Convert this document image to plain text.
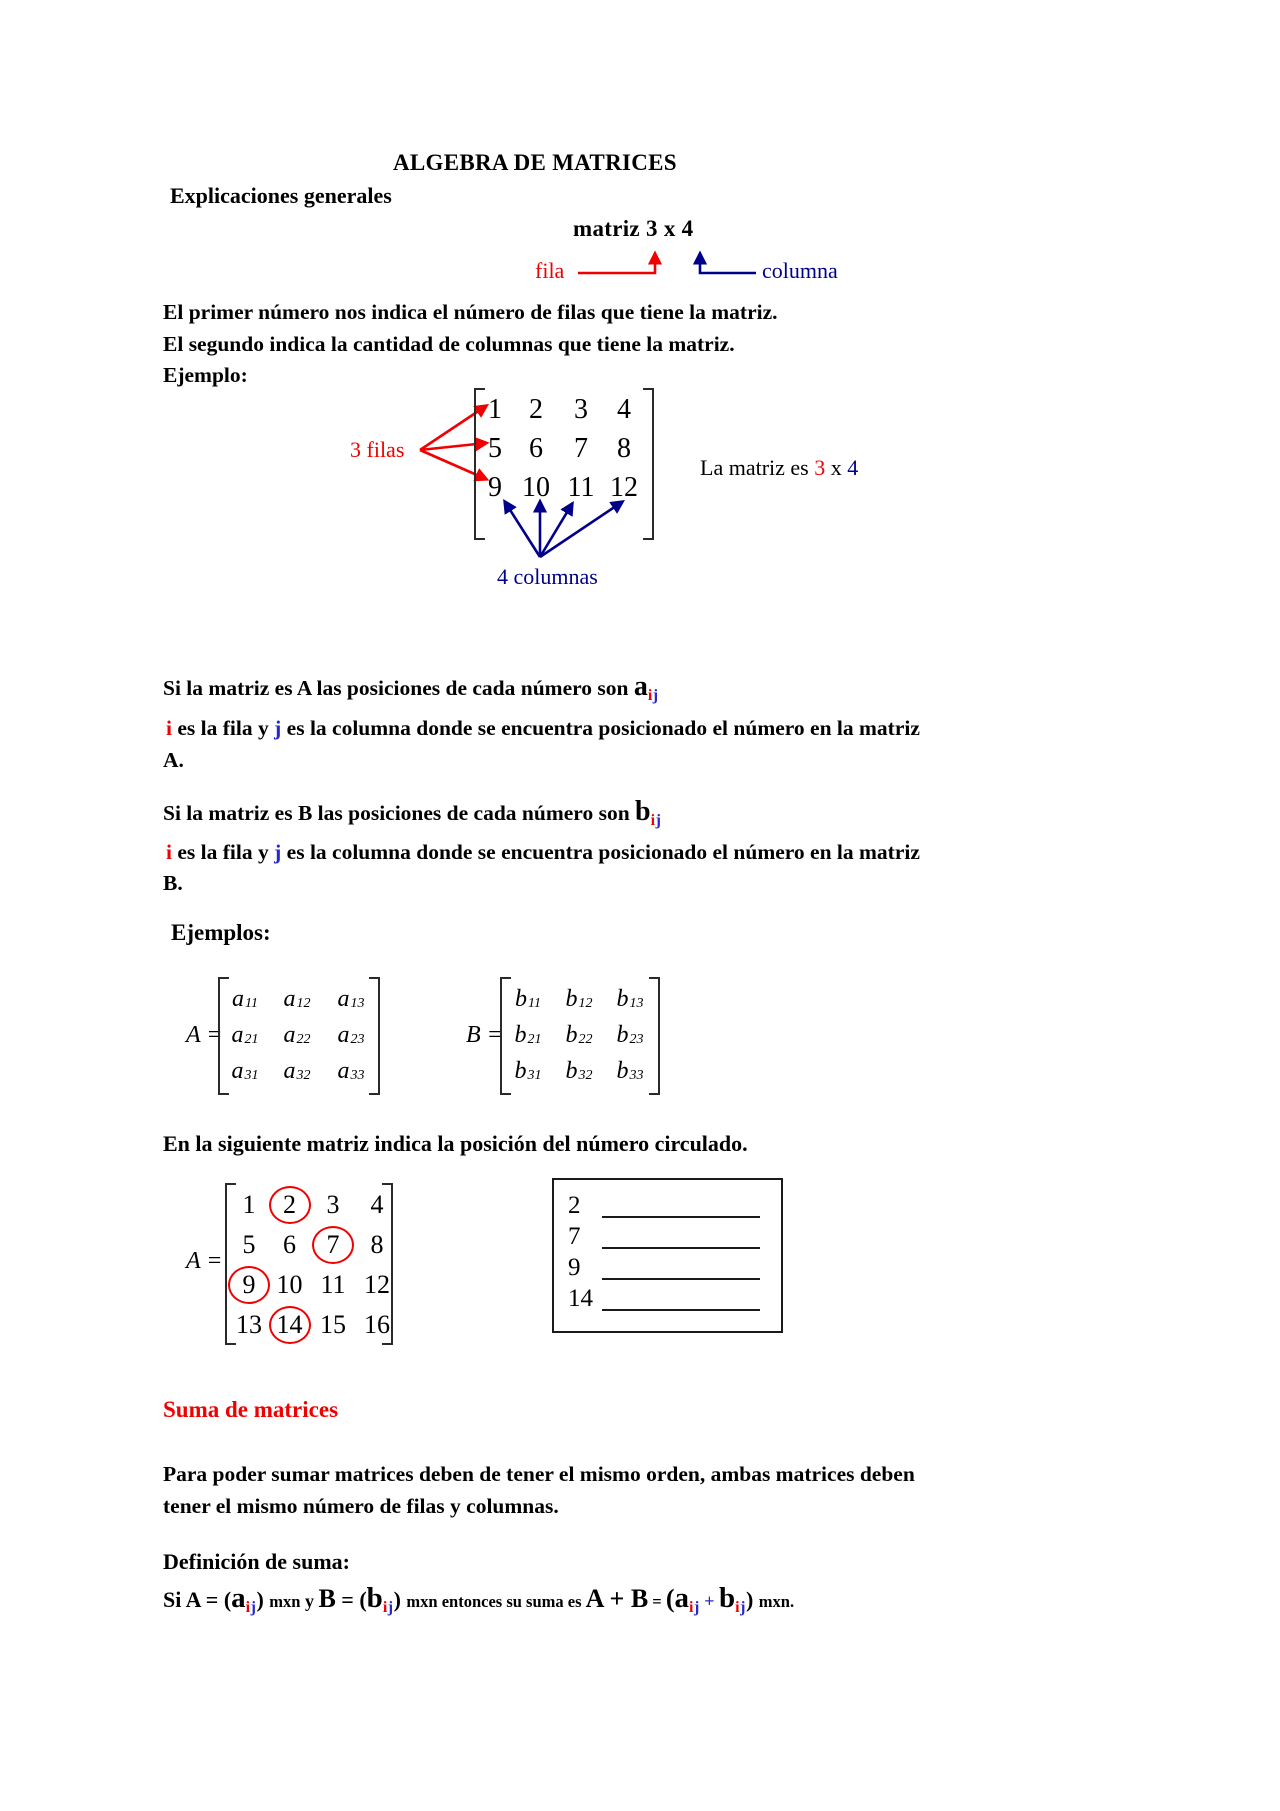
ALGEBRA DE MATRICES
Explicaciones generales
matriz 3 x 4
fila	columna
El primer número nos indica el número de filas que tiene la matriz.
El segundo indica la cantidad de columnas que tiene la matriz.
Ejemplo:
3 filas
1 2	3	4
5 6	7	8
9 10 11 12
4 columnas
La matriz es 3 x 4
Si la matriz es A las posiciones de cada número son $a_{ij}$
i es la fila y j es la columna donde se encuentra posicionado el número en la matriz
A.
Si la matriz es B las posiciones de cada número son $b_{ij}$
i es la fila y j es la columna donde se encuentra posicionado el número en la matriz
B.
Ejemplos:
A =
$a_{11}$ $a_{12}$ $a_{13}$
$a_{21}$ $a_{22}$ $a_{23}$
$a_{31}$ $a_{32}$ $a_{33}$
B =
$b_{11}$ $b_{12}$ $b_{13}$
$b_{21}$ $b_{22}$ $b_{23}$
$b_{31}$ $b_{32}$ $b_{33}$
En la siguiente matriz indica la posición del número circulado.
A =
1	2	3	4
5	6	7	8
9 10 11 12
13 14 15 16
2
7
9
14
Suma de matrices
Para poder sumar matrices deben de tener el mismo orden, ambas matrices deben
tener el mismo número de filas y columnas.
Definición de suma:
Si A = (aij) mxn y B = (bij) mxn entonces su suma es A + B = (aij + bij) mxn.
